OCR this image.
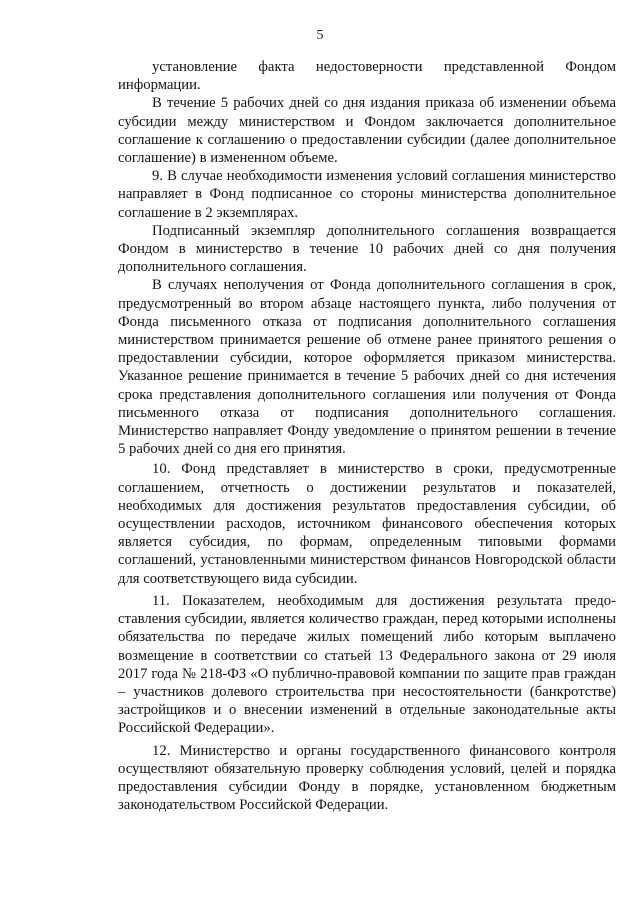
5

установление факта недостоверности представленной Фондом информации.

В течение 5 рабочих дней со дня издания приказа об изменении объема субсидии между министерством и Фондом заключается дополнительное соглашение к соглашению о предоставлении субсидии (далее дополнительное соглашение) в измененном объеме.

9. В случае необходимости изменения условий соглашения министерство направляет в Фонд подписанное со стороны министерства дополнительное соглашение в 2 экземплярах.

Подписанный экземпляр дополнительного соглашения возвращается Фондом в министерство в течение 10 рабочих дней со дня получения дополнительного соглашения.

В случаях неполучения от Фонда дополнительного соглашения в срок, предусмотренный во втором абзаце настоящего пункта, либо получения от Фонда письменного отказа от подписания дополнительного соглашения министерством принимается решение об отмене ранее принятого решения о предоставлении субсидии, которое оформляется приказом министерства. Указанное решение принимается в течение 5 рабочих дней со дня истечения срока представления дополнительного соглашения или получения от Фонда письменного отказа от подписания дополнительного соглашения. Министерство направляет Фонду уведомление о принятом решении в течение 5 рабочих дней со дня его принятия.

10. Фонд представляет в министерство в сроки, предусмотренные соглашением, отчетность о достижении результатов и показателей, необходимых для достижения результатов предоставления субсидии, об осуществлении расходов, источником финансового обеспечения которых является субсидия, по формам, определенным типовыми формами соглашений, установленными министерством финансов Новгородской области для соответствующего вида субсидии.

11. Показателем, необходимым для достижения результата предоставления субсидии, является количество граждан, перед которыми исполнены обязательства по передаче жилых помещений либо которым выплачено возмещение в соответствии со статьей 13 Федерального закона от 29 июля 2017 года № 218-ФЗ «О публично-правовой компании по защите прав граждан – участников долевого строительства при несостоятельности (банкротстве) застройщиков и о внесении изменений в отдельные законодательные акты Российской Федерации».

12. Министерство и органы государственного финансового контроля осуществляют обязательную проверку соблюдения условий, целей и порядка предоставления субсидии Фонду в порядке, установленном бюджетным законодательством Российской Федерации.
